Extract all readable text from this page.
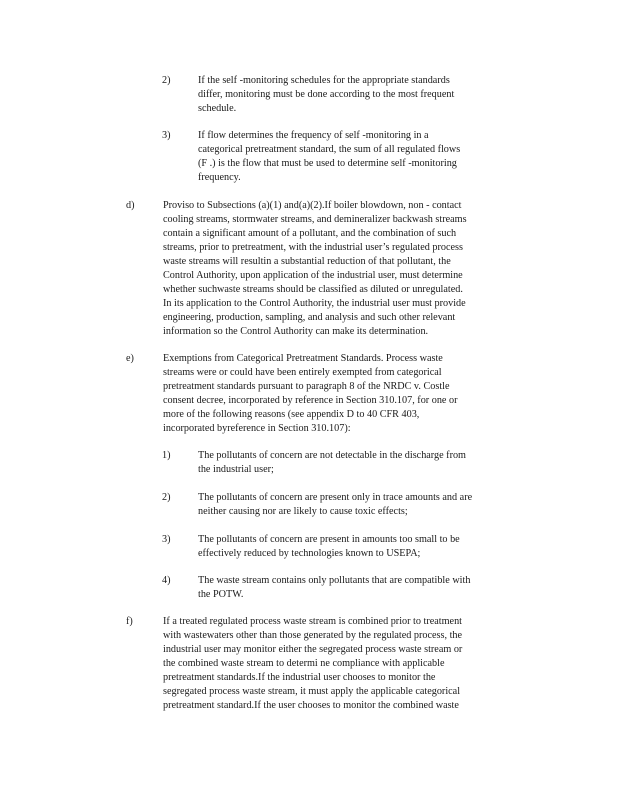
2)	If the self -monitoring schedules for the appropriate standards

differ, monitoring must be done according to the most frequent

schedule.

3)	If flow determines the frequency of self -monitoring in a

categorical pretreatment standard, the sum of all regulated flows

(F .) is the flow that must be used to determine self -monitoring

frequency.

d)	Proviso to Subsections (a)(1) and(a)(2).If boiler blowdown, non - contact

cooling streams, stormwater streams, and demineralizer backwash streams

contain a significant amount of a pollutant, and the combination of such

streams, prior to pretreatment, with the industrial user’s regulated process

waste streams will resultin a substantial reduction of that pollutant, the

Control Authority, upon application of the industrial user, must determine

whether suchwaste streams should be classified as diluted or unregulated.

In its application to the Control Authority, the industrial user must provide

engineering, production, sampling, and analysis and such other relevant

information so the Control Authority can make its determination.

e)	Exemptions from Categorical Pretreatment Standards. Process waste

streams were or could have been entirely exempted from categorical

pretreatment standards pursuant to paragraph 8 of the NRDC v. Costle

consent decree, incorporated by reference in Section 310.107, for one or

more of the following reasons (see appendix D to 40 CFR 403,

incorporated byreference in Section 310.107):

1)	The pollutants of concern are not detectable in the discharge from

the industrial user;

2)	The pollutants of concern are present only in trace amounts and are

neither causing nor are likely to cause toxic effects;

3)	The pollutants of concern are present in amounts too small to be

effectively reduced by technologies known to USEPA;

4)	The waste stream contains only pollutants that are compatible with

the POTW.

f)	If a treated regulated process waste stream is combined prior to treatment

with wastewaters other than those generated by the regulated process, the

industrial user may monitor either the segregated process waste stream or

the combined waste stream to determi ne compliance with applicable

pretreatment standards.If the industrial user chooses to monitor the

segregated process waste stream, it must apply the applicable categorical

pretreatment standard.If the user chooses to monitor the combined waste
